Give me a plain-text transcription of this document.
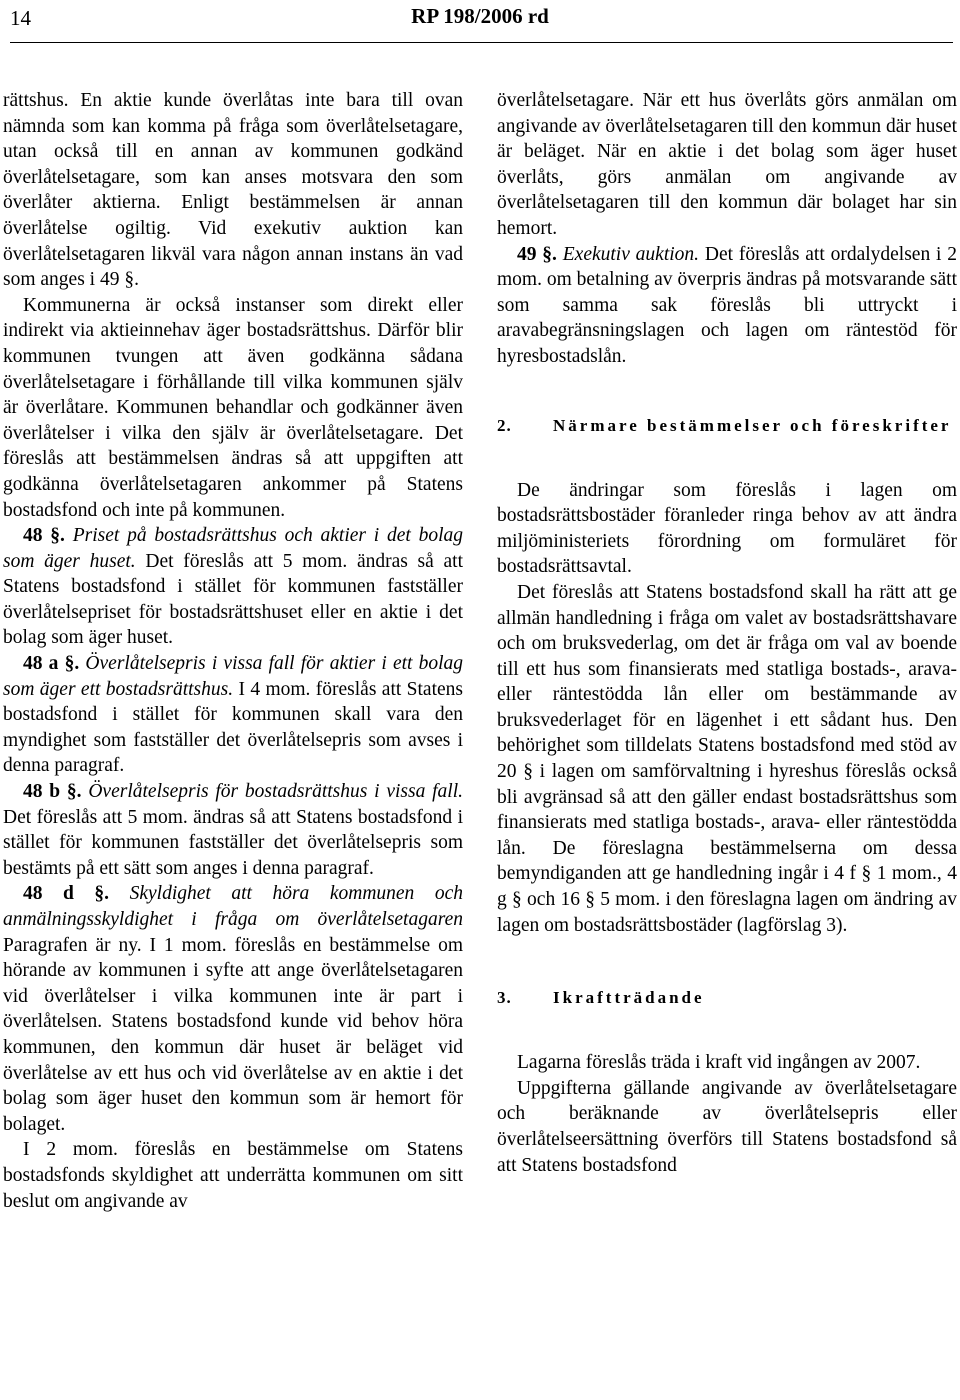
14	RP 198/2006 rd

rättshus. En aktie kunde överlåtas inte bara till ovan nämnda som kan komma på fråga som överlåtelsetagare, utan också till en annan av kommunen godkänd överlåtelsetagare, som kan anses motsvara den som överlåter aktierna. Enligt bestämmelsen är annan överlåtelse ogiltig. Vid exekutiv auktion kan överlåtelsetagaren likväl vara någon annan instans än vad som anges i 49 §.

Kommunerna är också instanser som direkt eller indirekt via aktieinnehav äger bostadsrättshus. Därför blir kommunen tvungen att även godkänna sådana överlåtelsetagare i förhållande till vilka kommunen själv är överlåtare. Kommunen behandlar och godkänner även överlåtelser i vilka den själv är överlåtelsetagare. Det föreslås att bestämmelsen ändras så att uppgiften att godkänna överlåtelsetagaren ankommer på Statens bostadsfond och inte på kommunen.

48 §. Priset på bostadsrättshus och aktier i det bolag som äger huset. Det föreslås att 5 mom. ändras så att Statens bostadsfond i stället för kommunen fastställer överlåtelsepriset för bostadsrättshuset eller en aktie i det bolag som äger huset.

48 a §. Överlåtelsepris i vissa fall för aktier i ett bolag som äger ett bostadsrättshus. I 4 mom. föreslås att Statens bostadsfond i stället för kommunen skall vara den myndighet som fastställer det överlåtelsepris som avses i denna paragraf.

48 b §. Överlåtelsepris för bostadsrättshus i vissa fall. Det föreslås att 5 mom. ändras så att Statens bostadsfond i stället för kommunen fastställer det överlåtelsepris som bestämts på ett sätt som anges i denna paragraf.

48 d §. Skyldighet att höra kommunen och anmälningsskyldighet i fråga om överlåtelsetagaren Paragrafen är ny. I 1 mom. föreslås en bestämmelse om hörande av kommunen i syfte att ange överlåtelsetagaren vid överlåtelser i vilka kommunen inte är part i överlåtelsen. Statens bostadsfond kunde vid behov höra kommunen, den kommun där huset är beläget vid överlåtelse av ett hus och vid överlåtelse av en aktie i det bolag som äger huset den kommun som är hemort för bolaget.

I 2 mom. föreslås en bestämmelse om Statens bostadsfonds skyldighet att underrätta kommunen om sitt beslut om angivande av

överlåtelsetagare. När ett hus överlåts görs anmälan om angivande av överlåtelsetagaren till den kommun där huset är beläget. När en aktie i det bolag som äger huset överlåts, görs anmälan om angivande av överlåtelsetagaren till den kommun där bolaget har sin hemort.

49 §. Exekutiv auktion. Det föreslås att ordalydelsen i 2 mom. om betalning av överpris ändras på motsvarande sätt som samma sak föreslås bli uttryckt i aravabegränsningslagen och lagen om räntestöd för hyresbostadslån.

2.	Närmare bestämmelser och föreskrifter

De ändringar som föreslås i lagen om bostadsrättsbostäder föranleder ringa behov av att ändra miljöministeriets förordning om formuläret för bostadsrättsavtal.

Det föreslås att Statens bostadsfond skall ha rätt att ge allmän handledning i fråga om valet av bostadsrättshavare och om bruksvederlag, om det är fråga om val av boende till ett hus som finansierats med statliga bostads-, arava- eller räntestödda lån eller om bestämmande av bruksvederlaget för en lägenhet i ett sådant hus. Den behörighet som tilldelats Statens bostadsfond med stöd av 20 § i lagen om samförvaltning i hyreshus föreslås också bli avgränsad så att den gäller endast bostadsrättshus som finansierats med statliga bostads-, arava- eller räntestödda lån. De föreslagna bestämmelserna om dessa bemyndiganden att ge handledning ingår i 4 f § 1 mom., 4 g § och 16 § 5 mom. i den föreslagna lagen om ändring av lagen om bostadsrättsbostäder (lagförslag 3).

3.	Ikraftträdande

Lagarna föreslås träda i kraft vid ingången av 2007.

Uppgifterna gällande angivande av överlåtelsetagare och beräknande av överlåtelsepris eller överlåtelseersättning överförs till Statens bostadsfond så att Statens bostadsfond
